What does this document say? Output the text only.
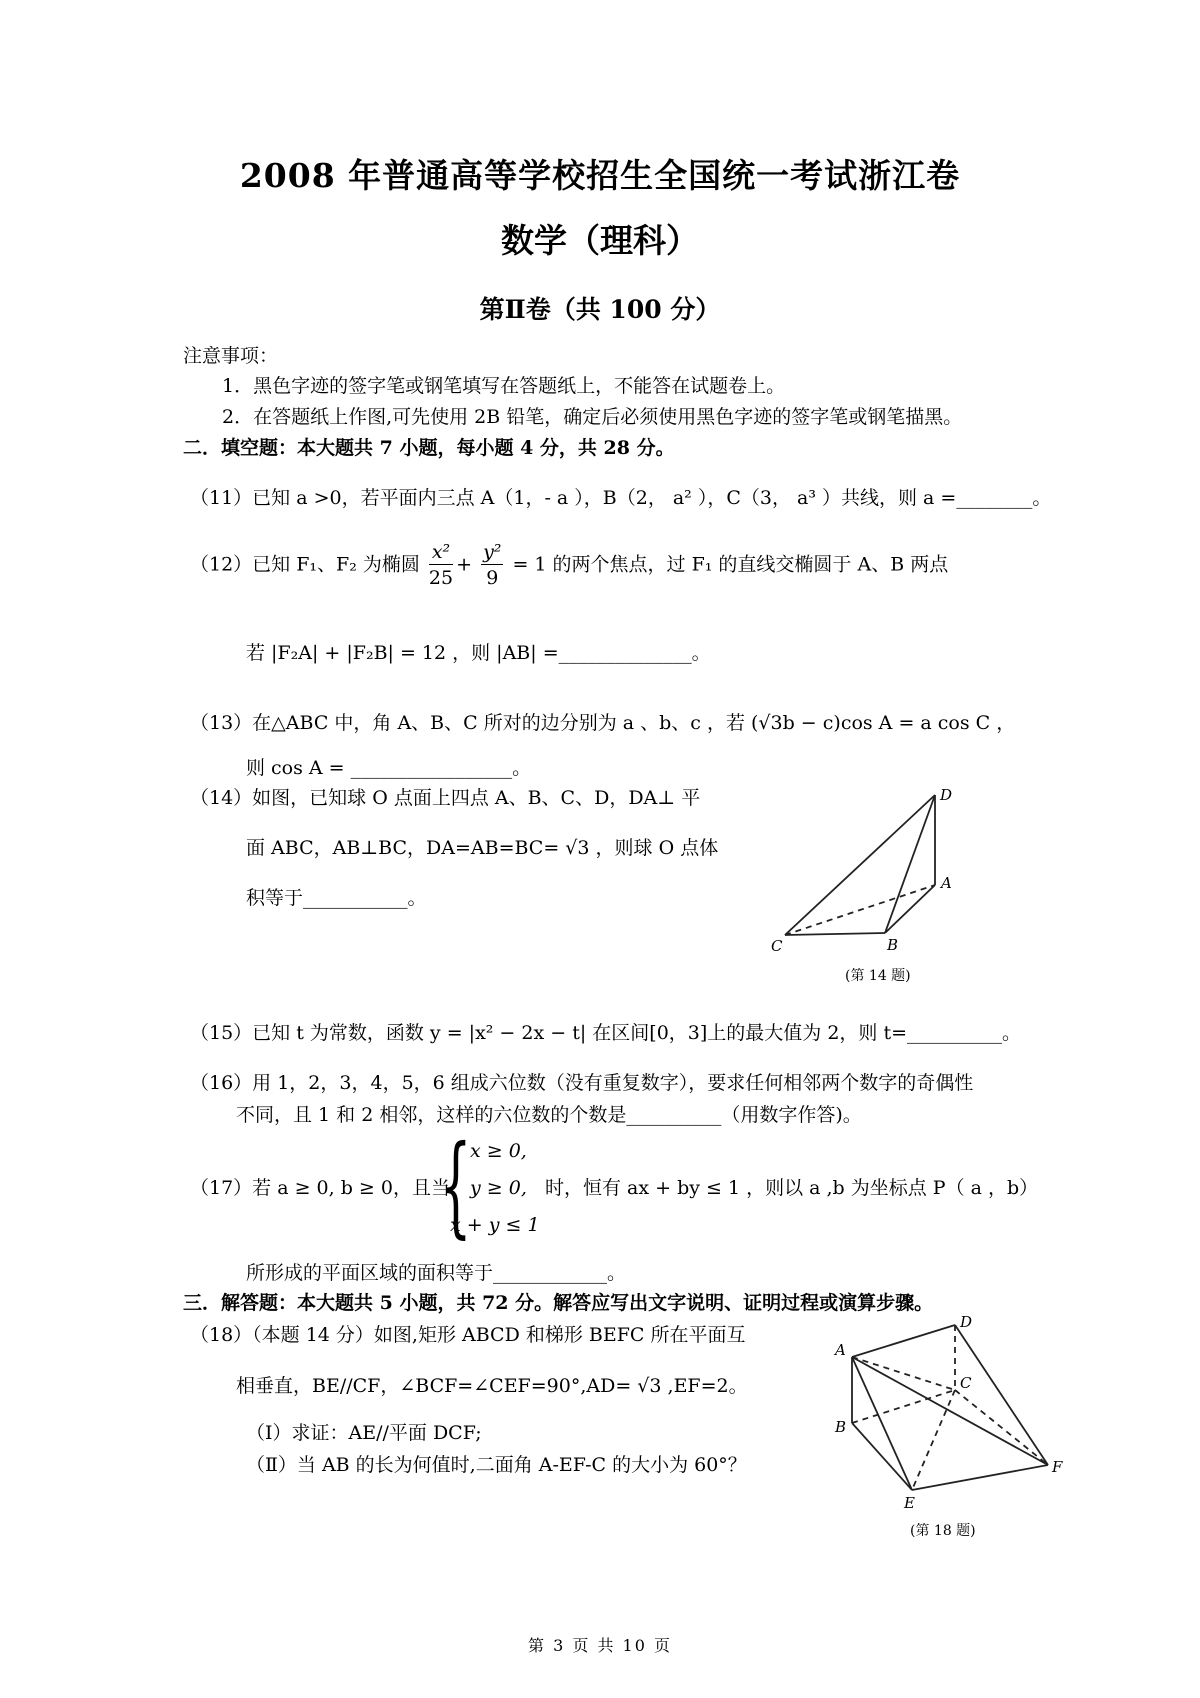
2008 年普通高等学校招生全国统一考试浙江卷
数学（理科）
第Ⅱ卷（共 100 分）
注意事项：
1．黑色字迹的签字笔或钢笔填写在答题纸上，不能答在试题卷上。
2．在答题纸上作图,可先使用 2B 铅笔，确定后必须使用黑色字迹的签字笔或钢笔描黑。
二．填空题：本大题共 7 小题，每小题 4 分，共 28 分。
（11）已知 a >0，若平面内三点 A（1，- a ），B（2， a² ），C（3， a³ ）共线，则 a =________。
（12）已知 F₁、F₂ 为椭圆 $\frac{\text{x²}}{25} + \frac{\text{y²}}{9} = 1$ 的两个焦点，过 F₁ 的直线交椭圆于 A、B 两点
若 |F₂A| + |F₂B| = 12 ，则 |AB| =______________。
（13）在△ABC 中，角 A、B、C 所对的边分别为 a 、b、c ，若 (√3b − c)cos A = a cos C ，
则 cos A = _________________。
（14）如图，已知球 O 点面上四点 A、B、C、D，DA⊥ 平
面 ABC，AB⊥BC，DA=AB=BC= √3 ，则球 O 点体
积等于___________。
D
A
B
C
(第 14 题)
（15）已知 t 为常数，函数 y = |x² − 2x − t| 在区间[0，3]上的最大值为 2，则 t=__________。
（16）用 1，2，3，4，5，6 组成六位数（没有重复数字），要求任何相邻两个数字的奇偶性
不同，且 1 和 2 相邻，这样的六位数的个数是__________（用数字作答)。
（17）若 a ≥ 0, b ≥ 0，且当
{
x ≥ 0,
y ≥ 0,
x + y ≤ 1
时，恒有 ax + by ≤ 1 ，则以 a ,b 为坐标点 P（ a ，b）
所形成的平面区域的面积等于____________。
三．解答题：本大题共 5 小题，共 72 分。解答应写出文字说明、证明过程或演算步骤。
（18）（本题 14 分）如图,矩形 ABCD 和梯形 BEFC 所在平面互
相垂直，BE//CF，∠BCF=∠CEF=90°,AD= √3 ,EF=2。
（Ⅰ）求证：AE//平面 DCF;
（Ⅱ）当 AB 的长为何值时,二面角 A-EF-C 的大小为 60°？
D
A
C
B
E
F
(第 18 题)
第 3 页 共 10 页
